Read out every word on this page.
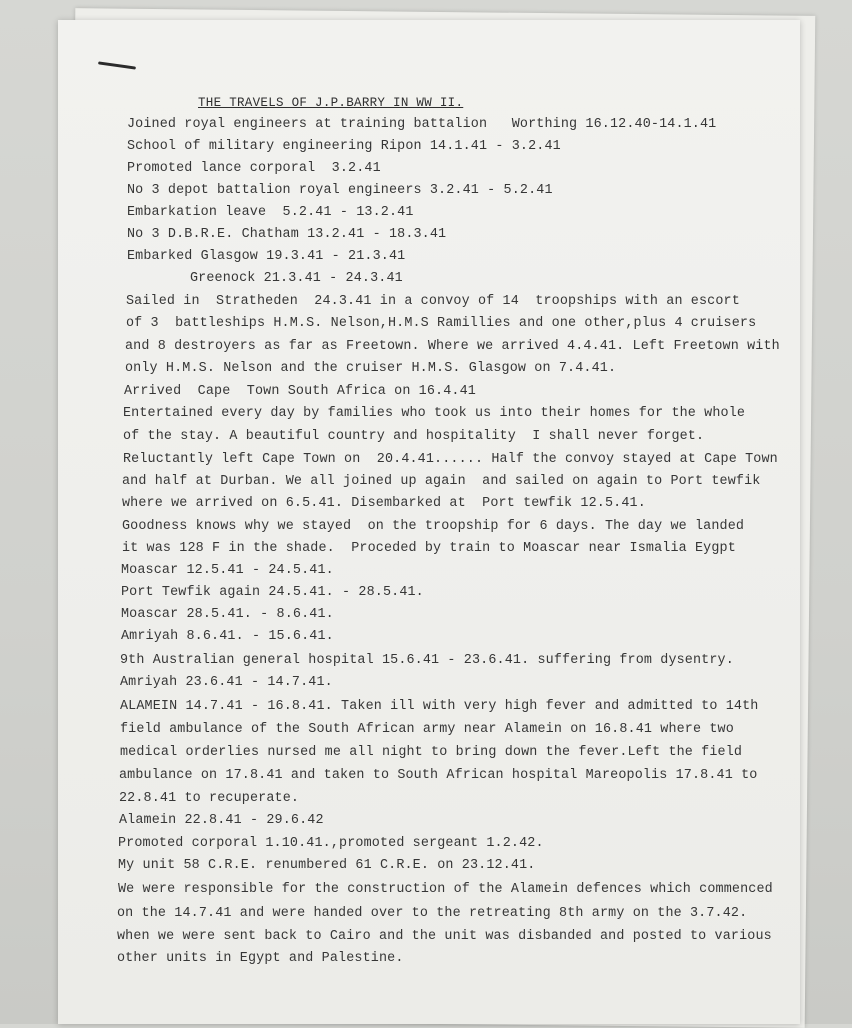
THE TRAVELS OF J.P.BARRY IN WW II.
Joined royal engineers at training battalion   Worthing 16.12.40-14.1.41
School of military engineering Ripon 14.1.41 - 3.2.41
Promoted lance corporal  3.2.41
No 3 depot battalion royal engineers 3.2.41 - 5.2.41
Embarkation leave  5.2.41 - 13.2.41
No 3 D.B.R.E. Chatham 13.2.41 - 18.3.41
Embarked Glasgow 19.3.41 - 21.3.41
Greenock 21.3.41 - 24.3.41
Sailed in  Stratheden  24.3.41 in a convoy of 14  troopships with an escort
of 3  battleships H.M.S. Nelson,H.M.S Ramillies and one other,plus 4 cruisers
and 8 destroyers as far as Freetown. Where we arrived 4.4.41. Left Freetown with
only H.M.S. Nelson and the cruiser H.M.S. Glasgow on 7.4.41.
Arrived  Cape  Town South Africa on 16.4.41
Entertained every day by families who took us into their homes for the whole
of the stay. A beautiful country and hospitality  I shall never forget.
Reluctantly left Cape Town on  20.4.41...... Half the convoy stayed at Cape Town
and half at Durban. We all joined up again  and sailed on again to Port tewfik
where we arrived on 6.5.41. Disembarked at  Port tewfik 12.5.41.
Goodness knows why we stayed  on the troopship for 6 days. The day we landed
it was 128 F in the shade.  Proceded by train to Moascar near Ismalia Eygpt
Moascar 12.5.41 - 24.5.41.
Port Tewfik again 24.5.41. - 28.5.41.
Moascar 28.5.41. - 8.6.41.
Amriyah 8.6.41. - 15.6.41.
9th Australian general hospital 15.6.41 - 23.6.41. suffering from dysentry.
Amriyah 23.6.41 - 14.7.41.
ALAMEIN 14.7.41 - 16.8.41. Taken ill with very high fever and admitted to 14th
field ambulance of the South African army near Alamein on 16.8.41 where two
medical orderlies nursed me all night to bring down the fever.Left the field
ambulance on 17.8.41 and taken to South African hospital Mareopolis 17.8.41 to
22.8.41 to recuperate.
Alamein 22.8.41 - 29.6.42
Promoted corporal 1.10.41.,promoted sergeant 1.2.42.
My unit 58 C.R.E. renumbered 61 C.R.E. on 23.12.41.
We were responsible for the construction of the Alamein defences which commenced
on the 14.7.41 and were handed over to the retreating 8th army on the 3.7.42.
when we were sent back to Cairo and the unit was disbanded and posted to various
other units in Egypt and Palestine.
